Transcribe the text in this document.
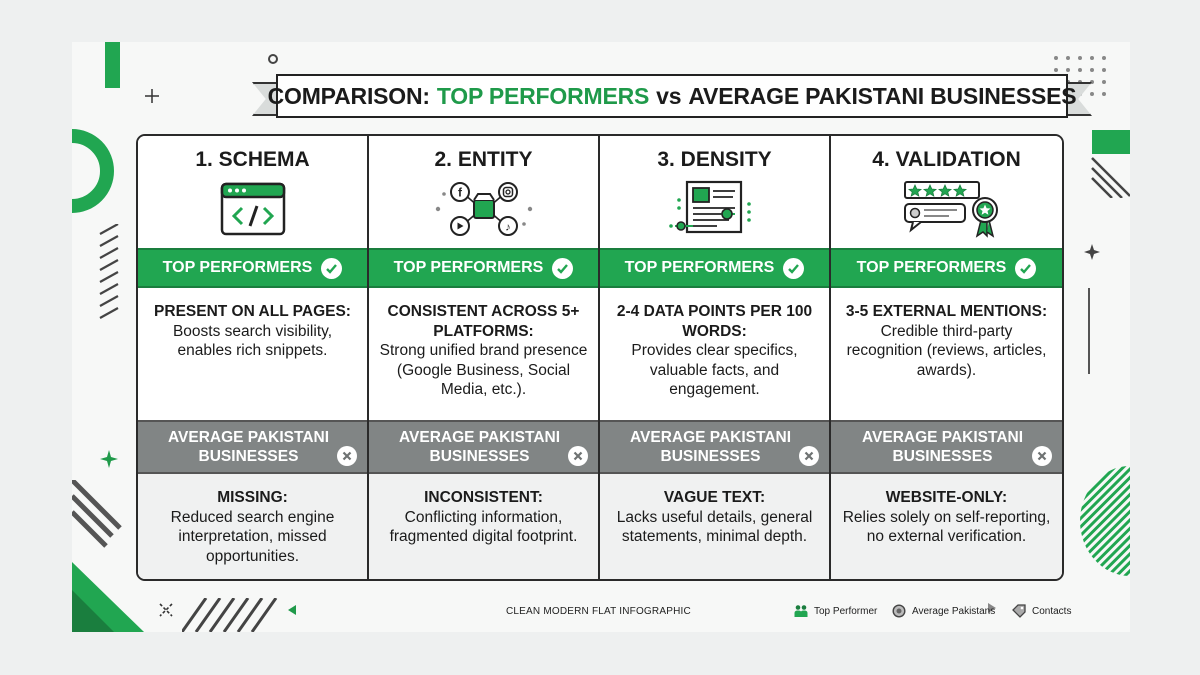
COMPARISON: TOP PERFORMERS vs AVERAGE PAKISTANI BUSINESSES
1. SCHEMA
TOP PERFORMERS
PRESENT ON ALL PAGES:
Boosts search visibility, enables rich snippets.
AVERAGE PAKISTANI BUSINESSES
MISSING:
Reduced search engine interpretation, missed opportunities.
2. ENTITY
f
♪
TOP PERFORMERS
CONSISTENT ACROSS 5+ PLATFORMS:
Strong unified brand presence (Google Business, Social Media, etc.).
AVERAGE PAKISTANI BUSINESSES
INCONSISTENT:
Conflicting information, fragmented digital footprint.
3. DENSITY
TOP PERFORMERS
2-4 DATA POINTS PER 100 WORDS:
Provides clear specifics, valuable facts, and engagement.
AVERAGE PAKISTANI BUSINESSES
VAGUE TEXT:
Lacks useful details, general statements, minimal depth.
4. VALIDATION
TOP PERFORMERS
3-5 EXTERNAL MENTIONS:
Credible third-party recognition (reviews, articles, awards).
AVERAGE PAKISTANI BUSINESSES
WEBSITE-ONLY:
Relies solely on self-reporting, no external verification.
CLEAN MODERN FLAT INFOGRAPHIC	Top Performer	Average Pakistans	Contacts
